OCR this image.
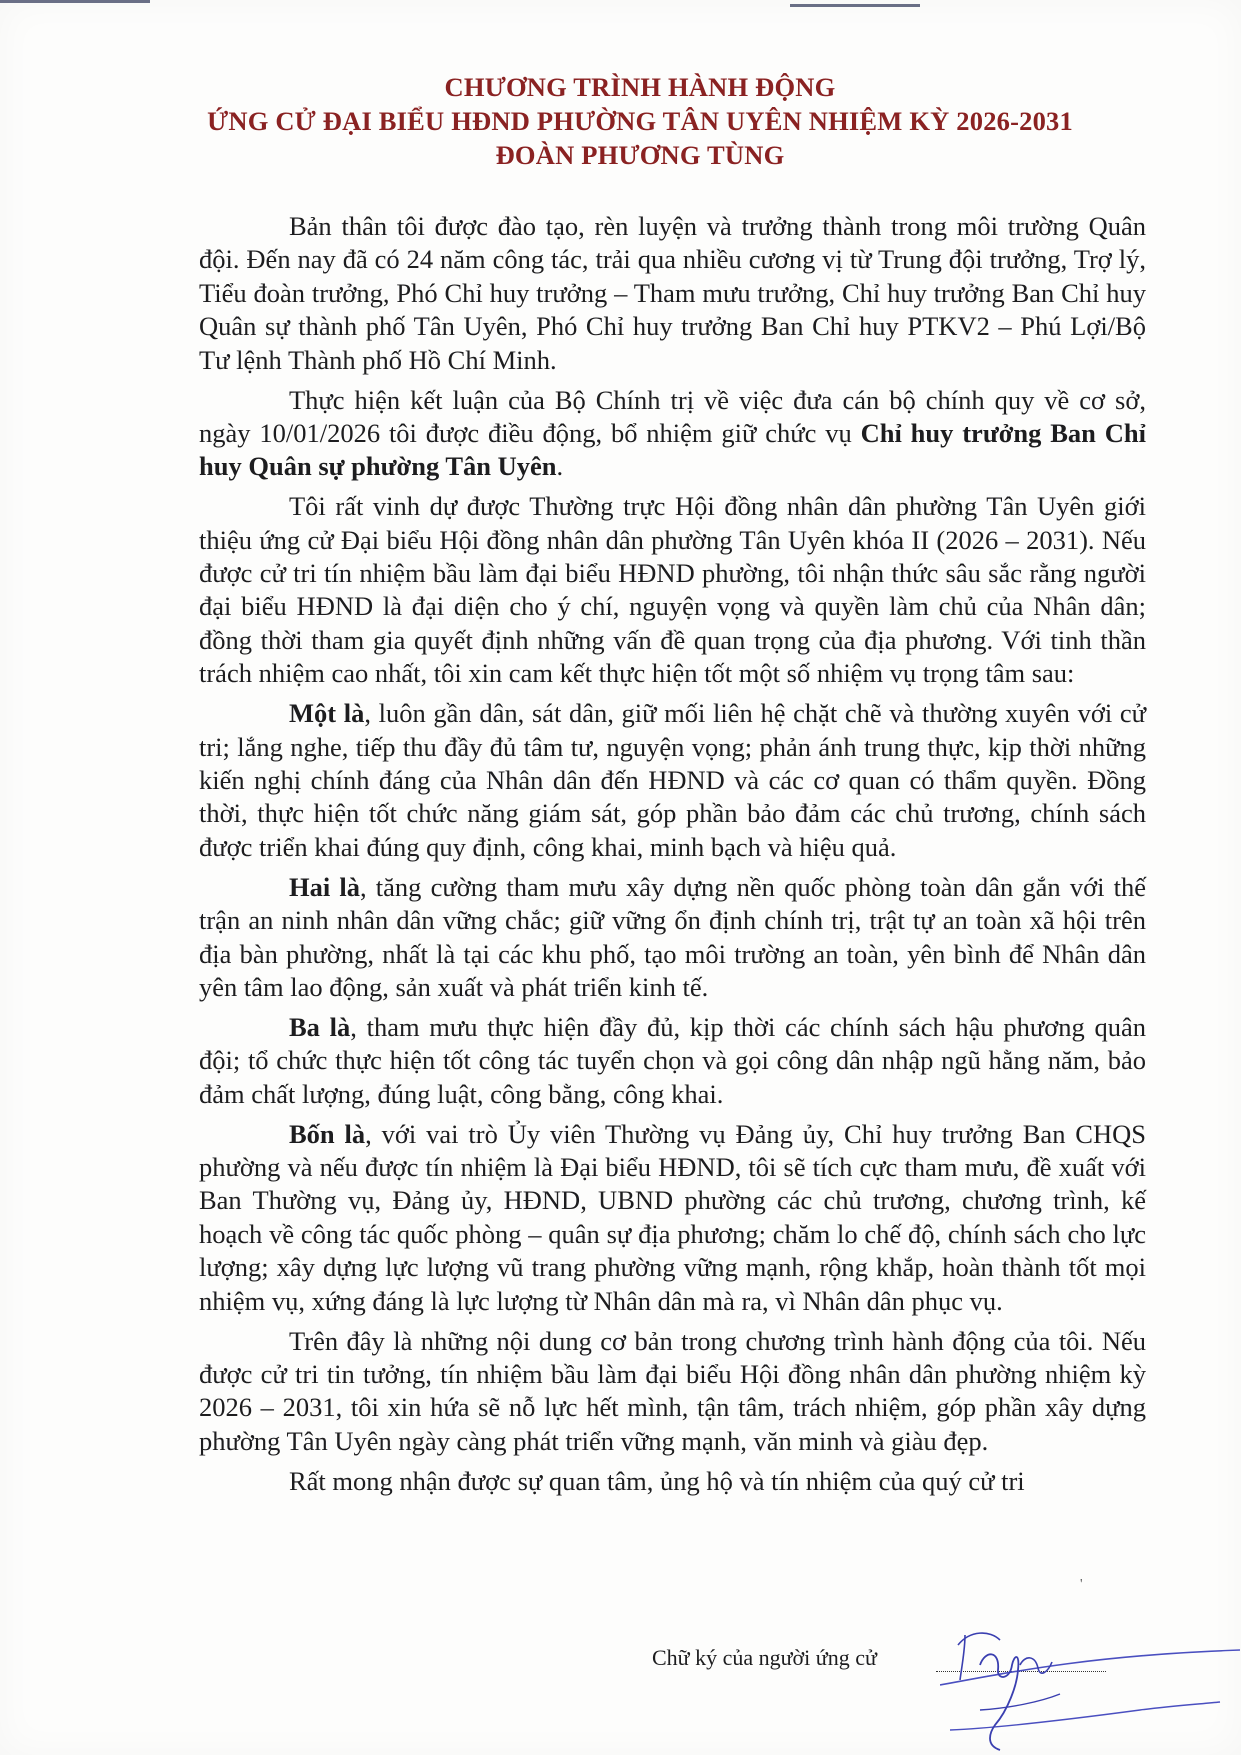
CHƯƠNG TRÌNH HÀNH ĐỘNG
ỨNG CỬ ĐẠI BIỂU HĐND PHƯỜNG TÂN UYÊN NHIỆM KỲ 2026-2031
ĐOÀN PHƯƠNG TÙNG

Bản thân tôi được đào tạo, rèn luyện và trưởng thành trong môi trường Quân đội. Đến nay đã có 24 năm công tác, trải qua nhiều cương vị từ Trung đội trưởng, Trợ lý, Tiểu đoàn trưởng, Phó Chỉ huy trưởng – Tham mưu trưởng, Chỉ huy trưởng Ban Chỉ huy Quân sự thành phố Tân Uyên, Phó Chỉ huy trưởng Ban Chỉ huy PTKV2 – Phú Lợi/Bộ Tư lệnh Thành phố Hồ Chí Minh.

Thực hiện kết luận của Bộ Chính trị về việc đưa cán bộ chính quy về cơ sở, ngày 10/01/2026 tôi được điều động, bổ nhiệm giữ chức vụ Chỉ huy trưởng Ban Chỉ huy Quân sự phường Tân Uyên.

Tôi rất vinh dự được Thường trực Hội đồng nhân dân phường Tân Uyên giới thiệu ứng cử Đại biểu Hội đồng nhân dân phường Tân Uyên khóa II (2026 – 2031). Nếu được cử tri tín nhiệm bầu làm đại biểu HĐND phường, tôi nhận thức sâu sắc rằng người đại biểu HĐND là đại diện cho ý chí, nguyện vọng và quyền làm chủ của Nhân dân; đồng thời tham gia quyết định những vấn đề quan trọng của địa phương. Với tinh thần trách nhiệm cao nhất, tôi xin cam kết thực hiện tốt một số nhiệm vụ trọng tâm sau:

Một là, luôn gần dân, sát dân, giữ mối liên hệ chặt chẽ và thường xuyên với cử tri; lắng nghe, tiếp thu đầy đủ tâm tư, nguyện vọng; phản ánh trung thực, kịp thời những kiến nghị chính đáng của Nhân dân đến HĐND và các cơ quan có thẩm quyền. Đồng thời, thực hiện tốt chức năng giám sát, góp phần bảo đảm các chủ trương, chính sách được triển khai đúng quy định, công khai, minh bạch và hiệu quả.

Hai là, tăng cường tham mưu xây dựng nền quốc phòng toàn dân gắn với thế trận an ninh nhân dân vững chắc; giữ vững ổn định chính trị, trật tự an toàn xã hội trên địa bàn phường, nhất là tại các khu phố, tạo môi trường an toàn, yên bình để Nhân dân yên tâm lao động, sản xuất và phát triển kinh tế.

Ba là, tham mưu thực hiện đầy đủ, kịp thời các chính sách hậu phương quân đội; tổ chức thực hiện tốt công tác tuyển chọn và gọi công dân nhập ngũ hằng năm, bảo đảm chất lượng, đúng luật, công bằng, công khai.

Bốn là, với vai trò Ủy viên Thường vụ Đảng ủy, Chỉ huy trưởng Ban CHQS phường và nếu được tín nhiệm là Đại biểu HĐND, tôi sẽ tích cực tham mưu, đề xuất với Ban Thường vụ, Đảng ủy, HĐND, UBND phường các chủ trương, chương trình, kế hoạch về công tác quốc phòng – quân sự địa phương; chăm lo chế độ, chính sách cho lực lượng; xây dựng lực lượng vũ trang phường vững mạnh, rộng khắp, hoàn thành tốt mọi nhiệm vụ, xứng đáng là lực lượng từ Nhân dân mà ra, vì Nhân dân phục vụ.

Trên đây là những nội dung cơ bản trong chương trình hành động của tôi. Nếu được cử tri tin tưởng, tín nhiệm bầu làm đại biểu Hội đồng nhân dân phường nhiệm kỳ 2026 – 2031, tôi xin hứa sẽ nỗ lực hết mình, tận tâm, trách nhiệm, góp phần xây dựng phường Tân Uyên ngày càng phát triển vững mạnh, văn minh và giàu đẹp.

Rất mong nhận được sự quan tâm, ủng hộ và tín nhiệm của quý cử tri

'
Chữ ký của người ứng cử
